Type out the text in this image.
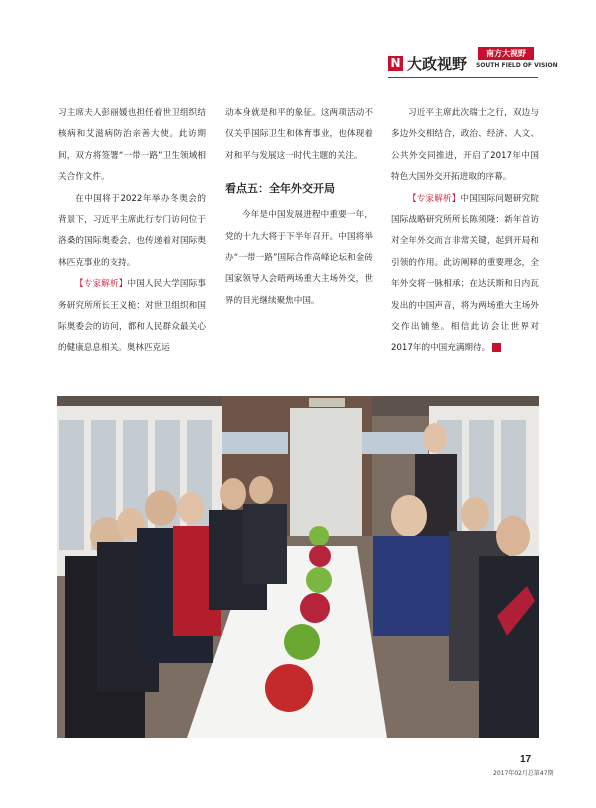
N 大政视野
南方大视野
SOUTH FIELD OF VISION

习主席夫人彭丽媛也担任着世卫组织结核病和艾滋病防治亲善大使。此访期间，双方将签署“一带一路”卫生领域相关合作文件。

在中国将于2022年举办冬奥会的背景下，习近平主席此行专门访问位于洛桑的国际奥委会，也传递着对国际奥林匹克事业的支持。

【专家解析】中国人民大学国际事务研究所所长王义桅：对世卫组织和国际奥委会的访问，都和人民群众最关心的健康息息相关。奥林匹克运

动本身就是和平的象征。这两项活动不仅关乎国际卫生和体育事业，也体现着对和平与发展这一时代主题的关注。

看点五：全年外交开局

今年是中国发展进程中重要一年，党的十九大将于下半年召开。中国将举办“一带一路”国际合作高峰论坛和金砖国家领导人会晤两场重大主场外交，世界的目光继续聚焦中国。

习近平主席此次瑞士之行，双边与多边外交相结合，政治、经济、人文、公共外交同推进，开启了2017年中国特色大国外交开拓进取的序幕。

【专家解析】中国国际问题研究院国际战略研究所所长陈须隆：新年首访对全年外交而言非常关键，起到开局和引领的作用。此访阐释的重要理念，全年外交将一脉相承；在达沃斯和日内瓦发出的中国声音，将为两场重大主场外交作出铺垫。相信此访会让世界对2017年的中国充满期待。	N

17
2017年02月总第47期
